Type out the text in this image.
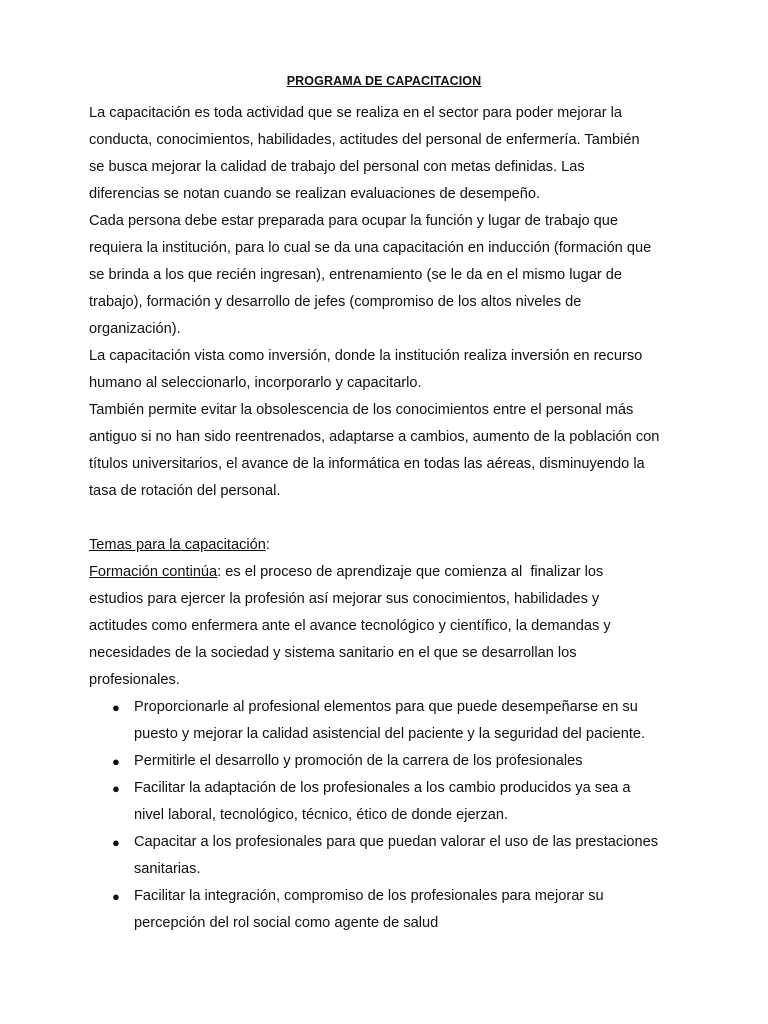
PROGRAMA DE CAPACITACION
La capacitación es toda actividad que se realiza en el sector para poder mejorar la
conducta, conocimientos, habilidades, actitudes del personal de enfermería. También
se busca mejorar la calidad de trabajo del personal con metas definidas. Las
diferencias se notan cuando se realizan evaluaciones de desempeño.
Cada persona debe estar preparada para ocupar la función y lugar de trabajo que
requiera la institución, para lo cual se da una capacitación en inducción (formación que
se brinda a los que recién ingresan), entrenamiento (se le da en el mismo lugar de
trabajo), formación y desarrollo de jefes (compromiso de los altos niveles de
organización).
La capacitación vista como inversión, donde la institución realiza inversión en recurso
humano al seleccionarlo, incorporarlo y capacitarlo.
También permite evitar la obsolescencia de los conocimientos entre el personal más
antiguo si no han sido reentrenados, adaptarse a cambios, aumento de la población con
títulos universitarios, el avance de la informática en todas las aéreas, disminuyendo la
tasa de rotación del personal.
Temas para la capacitación:
Formación continúa: es el proceso de aprendizaje que comienza al  finalizar los
estudios para ejercer la profesión así mejorar sus conocimientos, habilidades y
actitudes como enfermera ante el avance tecnológico y científico, la demandas y
necesidades de la sociedad y sistema sanitario en el que se desarrollan los
profesionales.
● Proporcionarle al profesional elementos para que puede desempeñarse en su
puesto y mejorar la calidad asistencial del paciente y la seguridad del paciente.
● Permitirle el desarrollo y promoción de la carrera de los profesionales
● Facilitar la adaptación de los profesionales a los cambio producidos ya sea a
nivel laboral, tecnológico, técnico, ético de donde ejerzan.
● Capacitar a los profesionales para que puedan valorar el uso de las prestaciones
sanitarias.
● Facilitar la integración, compromiso de los profesionales para mejorar su
percepción del rol social como agente de salud
